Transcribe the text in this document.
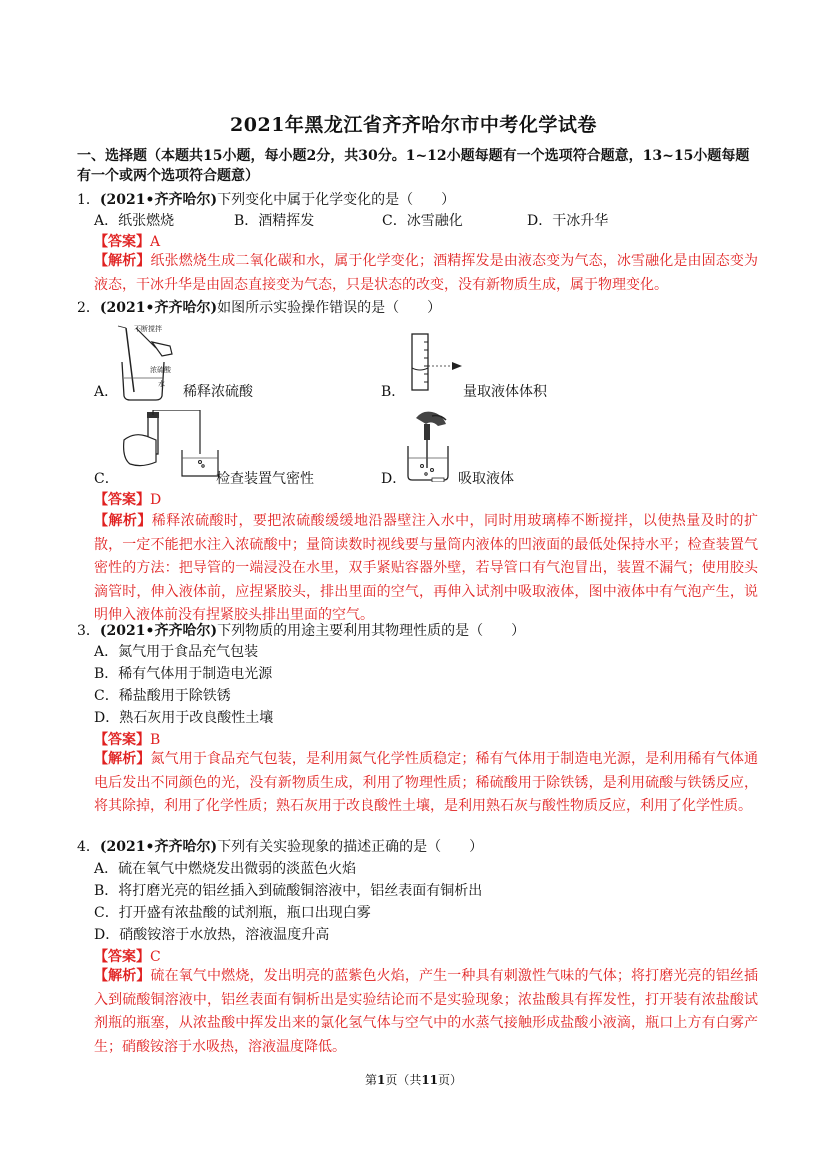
2021年黑龙江省齐齐哈尔市中考化学试卷
一、选择题（本题共15小题，每小题2分，共30分。1~12小题每题有一个选项符合题意，13~15小题每题有一个或两个选项符合题意）
1．(2021•齐齐哈尔)下列变化中属于化学变化的是（　　）
A．纸张燃烧	B．酒精挥发	C．冰雪融化	D．干冰升华
【答案】A
【解析】纸张燃烧生成二氧化碳和水，属于化学变化；酒精挥发是由液态变为气态，冰雪融化是由固态变为液态，干冰升华是由固态直接变为气态，只是状态的改变，没有新物质生成，属于物理变化。
2．(2021•齐齐哈尔)如图所示实验操作错误的是（　　）
不断搅拌
浓硫酸
水
A．	稀释浓硫酸	B．	量取液体体积
C．	检查装置气密性	D．	吸取液体
【答案】D
【解析】稀释浓硫酸时，要把浓硫酸缓缓地沿器壁注入水中，同时用玻璃棒不断搅拌，以使热量及时的扩散，一定不能把水注入浓硫酸中；量筒读数时视线要与量筒内液体的凹液面的最低处保持水平；检查装置气密性的方法：把导管的一端浸没在水里，双手紧贴容器外壁，若导管口有气泡冒出，装置不漏气；使用胶头滴管时，伸入液体前，应捏紧胶头，排出里面的空气，再伸入试剂中吸取液体，图中液体中有气泡产生，说明伸入液体前没有捏紧胶头排出里面的空气。
3．(2021•齐齐哈尔)下列物质的用途主要利用其物理性质的是（　　）
A．氮气用于食品充气包装
B．稀有气体用于制造电光源
C．稀盐酸用于除铁锈
D．熟石灰用于改良酸性土壤
【答案】B
【解析】氮气用于食品充气包装，是利用氮气化学性质稳定；稀有气体用于制造电光源，是利用稀有气体通电后发出不同颜色的光，没有新物质生成，利用了物理性质；稀硫酸用于除铁锈，是利用硫酸与铁锈反应，将其除掉，利用了化学性质；熟石灰用于改良酸性土壤，是利用熟石灰与酸性物质反应，利用了化学性质。
4．(2021•齐齐哈尔)下列有关实验现象的描述正确的是（　　）
A．硫在氧气中燃烧发出微弱的淡蓝色火焰
B．将打磨光亮的铝丝插入到硫酸铜溶液中，铝丝表面有铜析出
C．打开盛有浓盐酸的试剂瓶，瓶口出现白雾
D．硝酸铵溶于水放热，溶液温度升高
【答案】C
【解析】硫在氧气中燃烧，发出明亮的蓝紫色火焰，产生一种具有刺激性气味的气体；将打磨光亮的铝丝插入到硫酸铜溶液中，铝丝表面有铜析出是实验结论而不是实验现象；浓盐酸具有挥发性，打开装有浓盐酸试剂瓶的瓶塞，从浓盐酸中挥发出来的氯化氢气体与空气中的水蒸气接触形成盐酸小液滴，瓶口上方有白雾产生；硝酸铵溶于水吸热，溶液温度降低。
第1页（共11页）
